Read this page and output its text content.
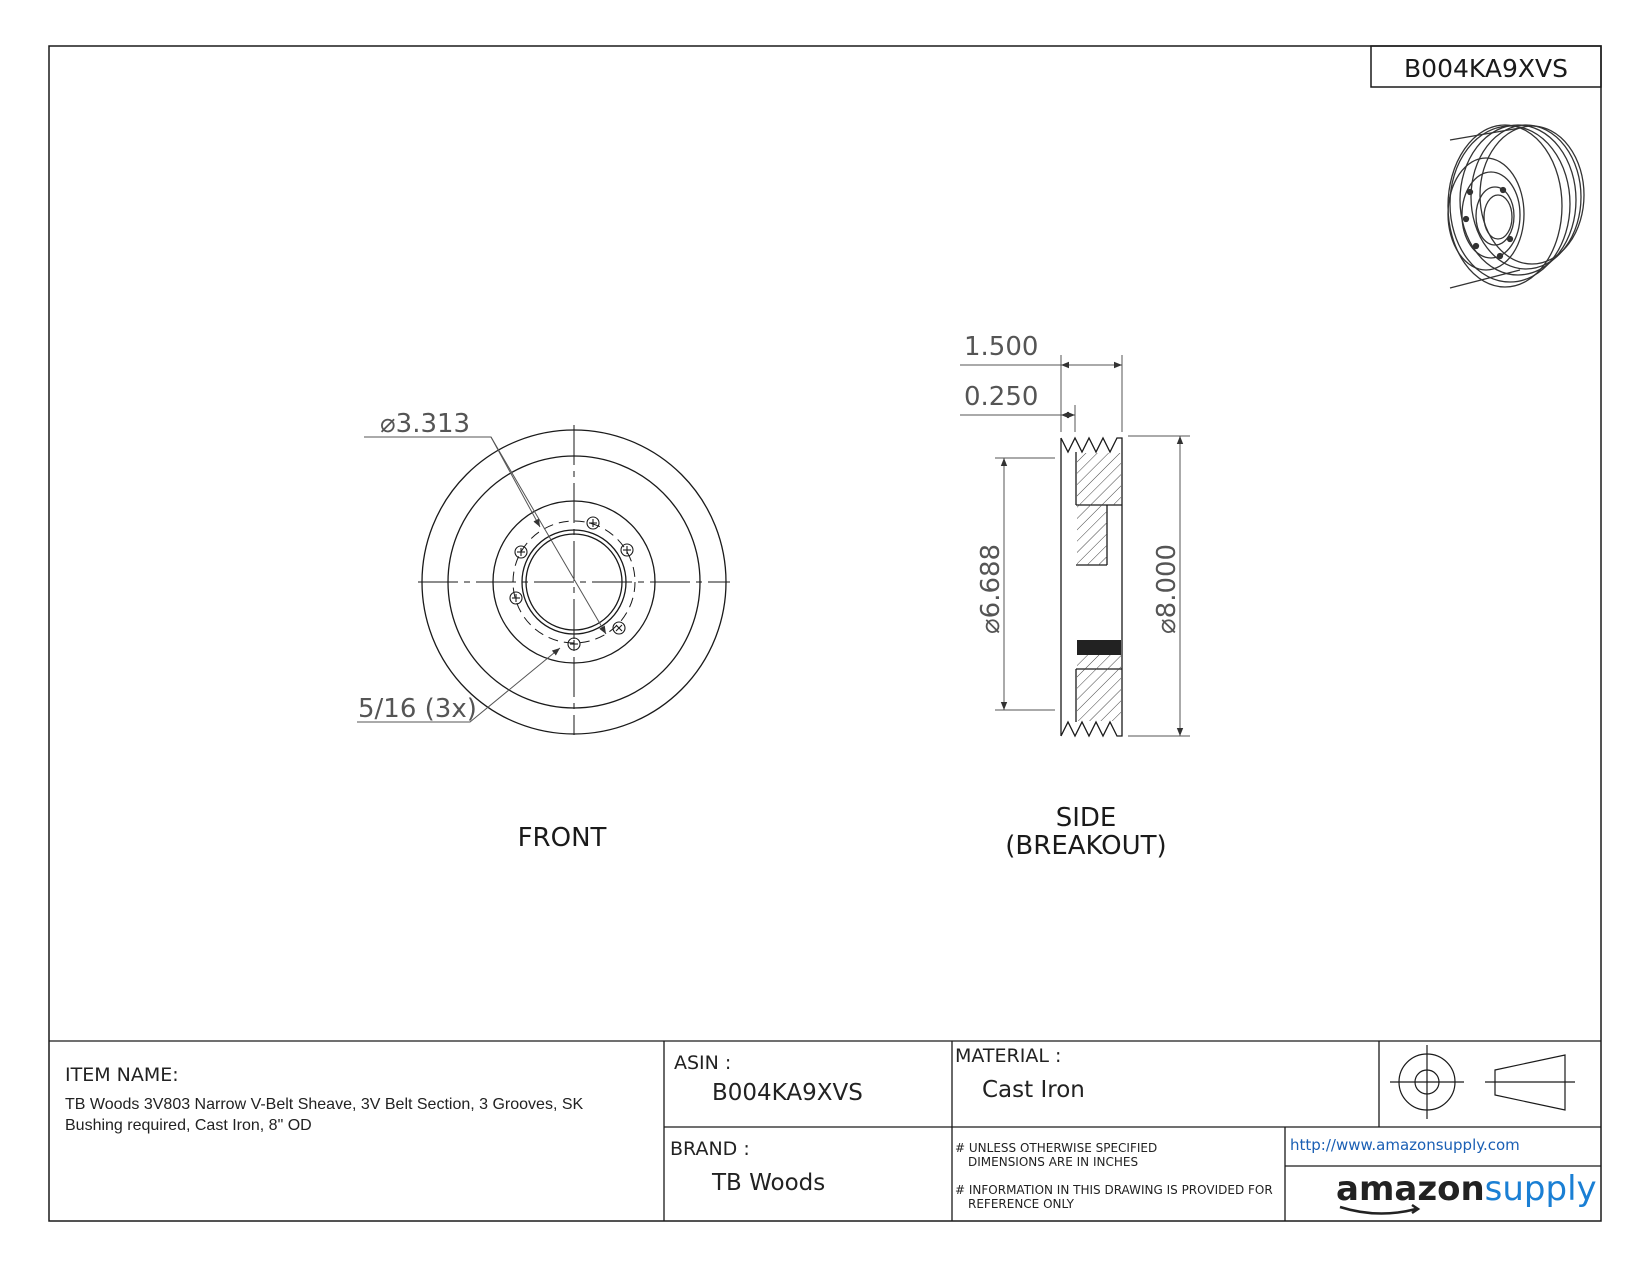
B004KA9XVS
⌀3.313
5/16 (3x)
FRONT
1.500
0.250
⌀6.688
⌀8.000
SIDE
(BREAKOUT)
ITEM NAME:
TB Woods 3V803 Narrow V-Belt Sheave, 3V Belt Section, 3 Grooves, SK
Bushing required, Cast Iron, 8" OD
ASIN :
B004KA9XVS
MATERIAL :
Cast Iron
BRAND :
TB Woods
# UNLESS OTHERWISE SPECIFIED
DIMENSIONS ARE IN INCHES
# INFORMATION IN THIS DRAWING IS PROVIDED FOR
REFERENCE ONLY
http://www.amazonsupply.com
amazonsupply
